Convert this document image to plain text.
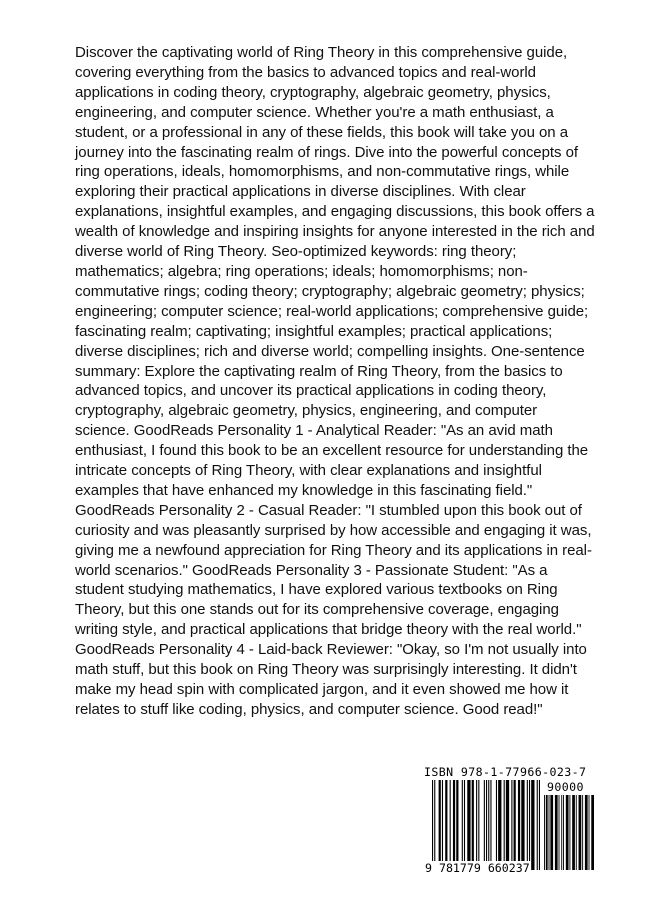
Discover the captivating world of Ring Theory in this comprehensive guide, covering everything from the basics to advanced topics and real-world applications in coding theory, cryptography, algebraic geometry, physics, engineering, and computer science. Whether you're a math enthusiast, a student, or a professional in any of these fields, this book will take you on a journey into the fascinating realm of rings. Dive into the powerful concepts of ring operations, ideals, homomorphisms, and non-commutative rings, while exploring their practical applications in diverse disciplines. With clear explanations, insightful examples, and engaging discussions, this book offers a wealth of knowledge and inspiring insights for anyone interested in the rich and diverse world of Ring Theory. Seo-optimized keywords: ring theory; mathematics; algebra; ring operations; ideals; homomorphisms; non-commutative rings; coding theory; cryptography; algebraic geometry; physics; engineering; computer science; real-world applications; comprehensive guide; fascinating realm; captivating; insightful examples; practical applications; diverse disciplines; rich and diverse world; compelling insights. One-sentence summary: Explore the captivating realm of Ring Theory, from the basics to advanced topics, and uncover its practical applications in coding theory, cryptography, algebraic geometry, physics, engineering, and computer science. GoodReads Personality 1 - Analytical Reader: "As an avid math enthusiast, I found this book to be an excellent resource for understanding the intricate concepts of Ring Theory, with clear explanations and insightful examples that have enhanced my knowledge in this fascinating field." GoodReads Personality 2 - Casual Reader: "I stumbled upon this book out of curiosity and was pleasantly surprised by how accessible and engaging it was, giving me a newfound appreciation for Ring Theory and its applications in real-world scenarios." GoodReads Personality 3 - Passionate Student: "As a student studying mathematics, I have explored various textbooks on Ring Theory, but this one stands out for its comprehensive coverage, engaging writing style, and practical applications that bridge theory with the real world." GoodReads Personality 4 - Laid-back Reviewer: "Okay, so I'm not usually into math stuff, but this book on Ring Theory was surprisingly interesting. It didn't make my head spin with complicated jargon, and it even showed me how it relates to stuff like coding, physics, and computer science. Good read!"

ISBN 978-1-77966-023-7
90000
9 781779 660237
